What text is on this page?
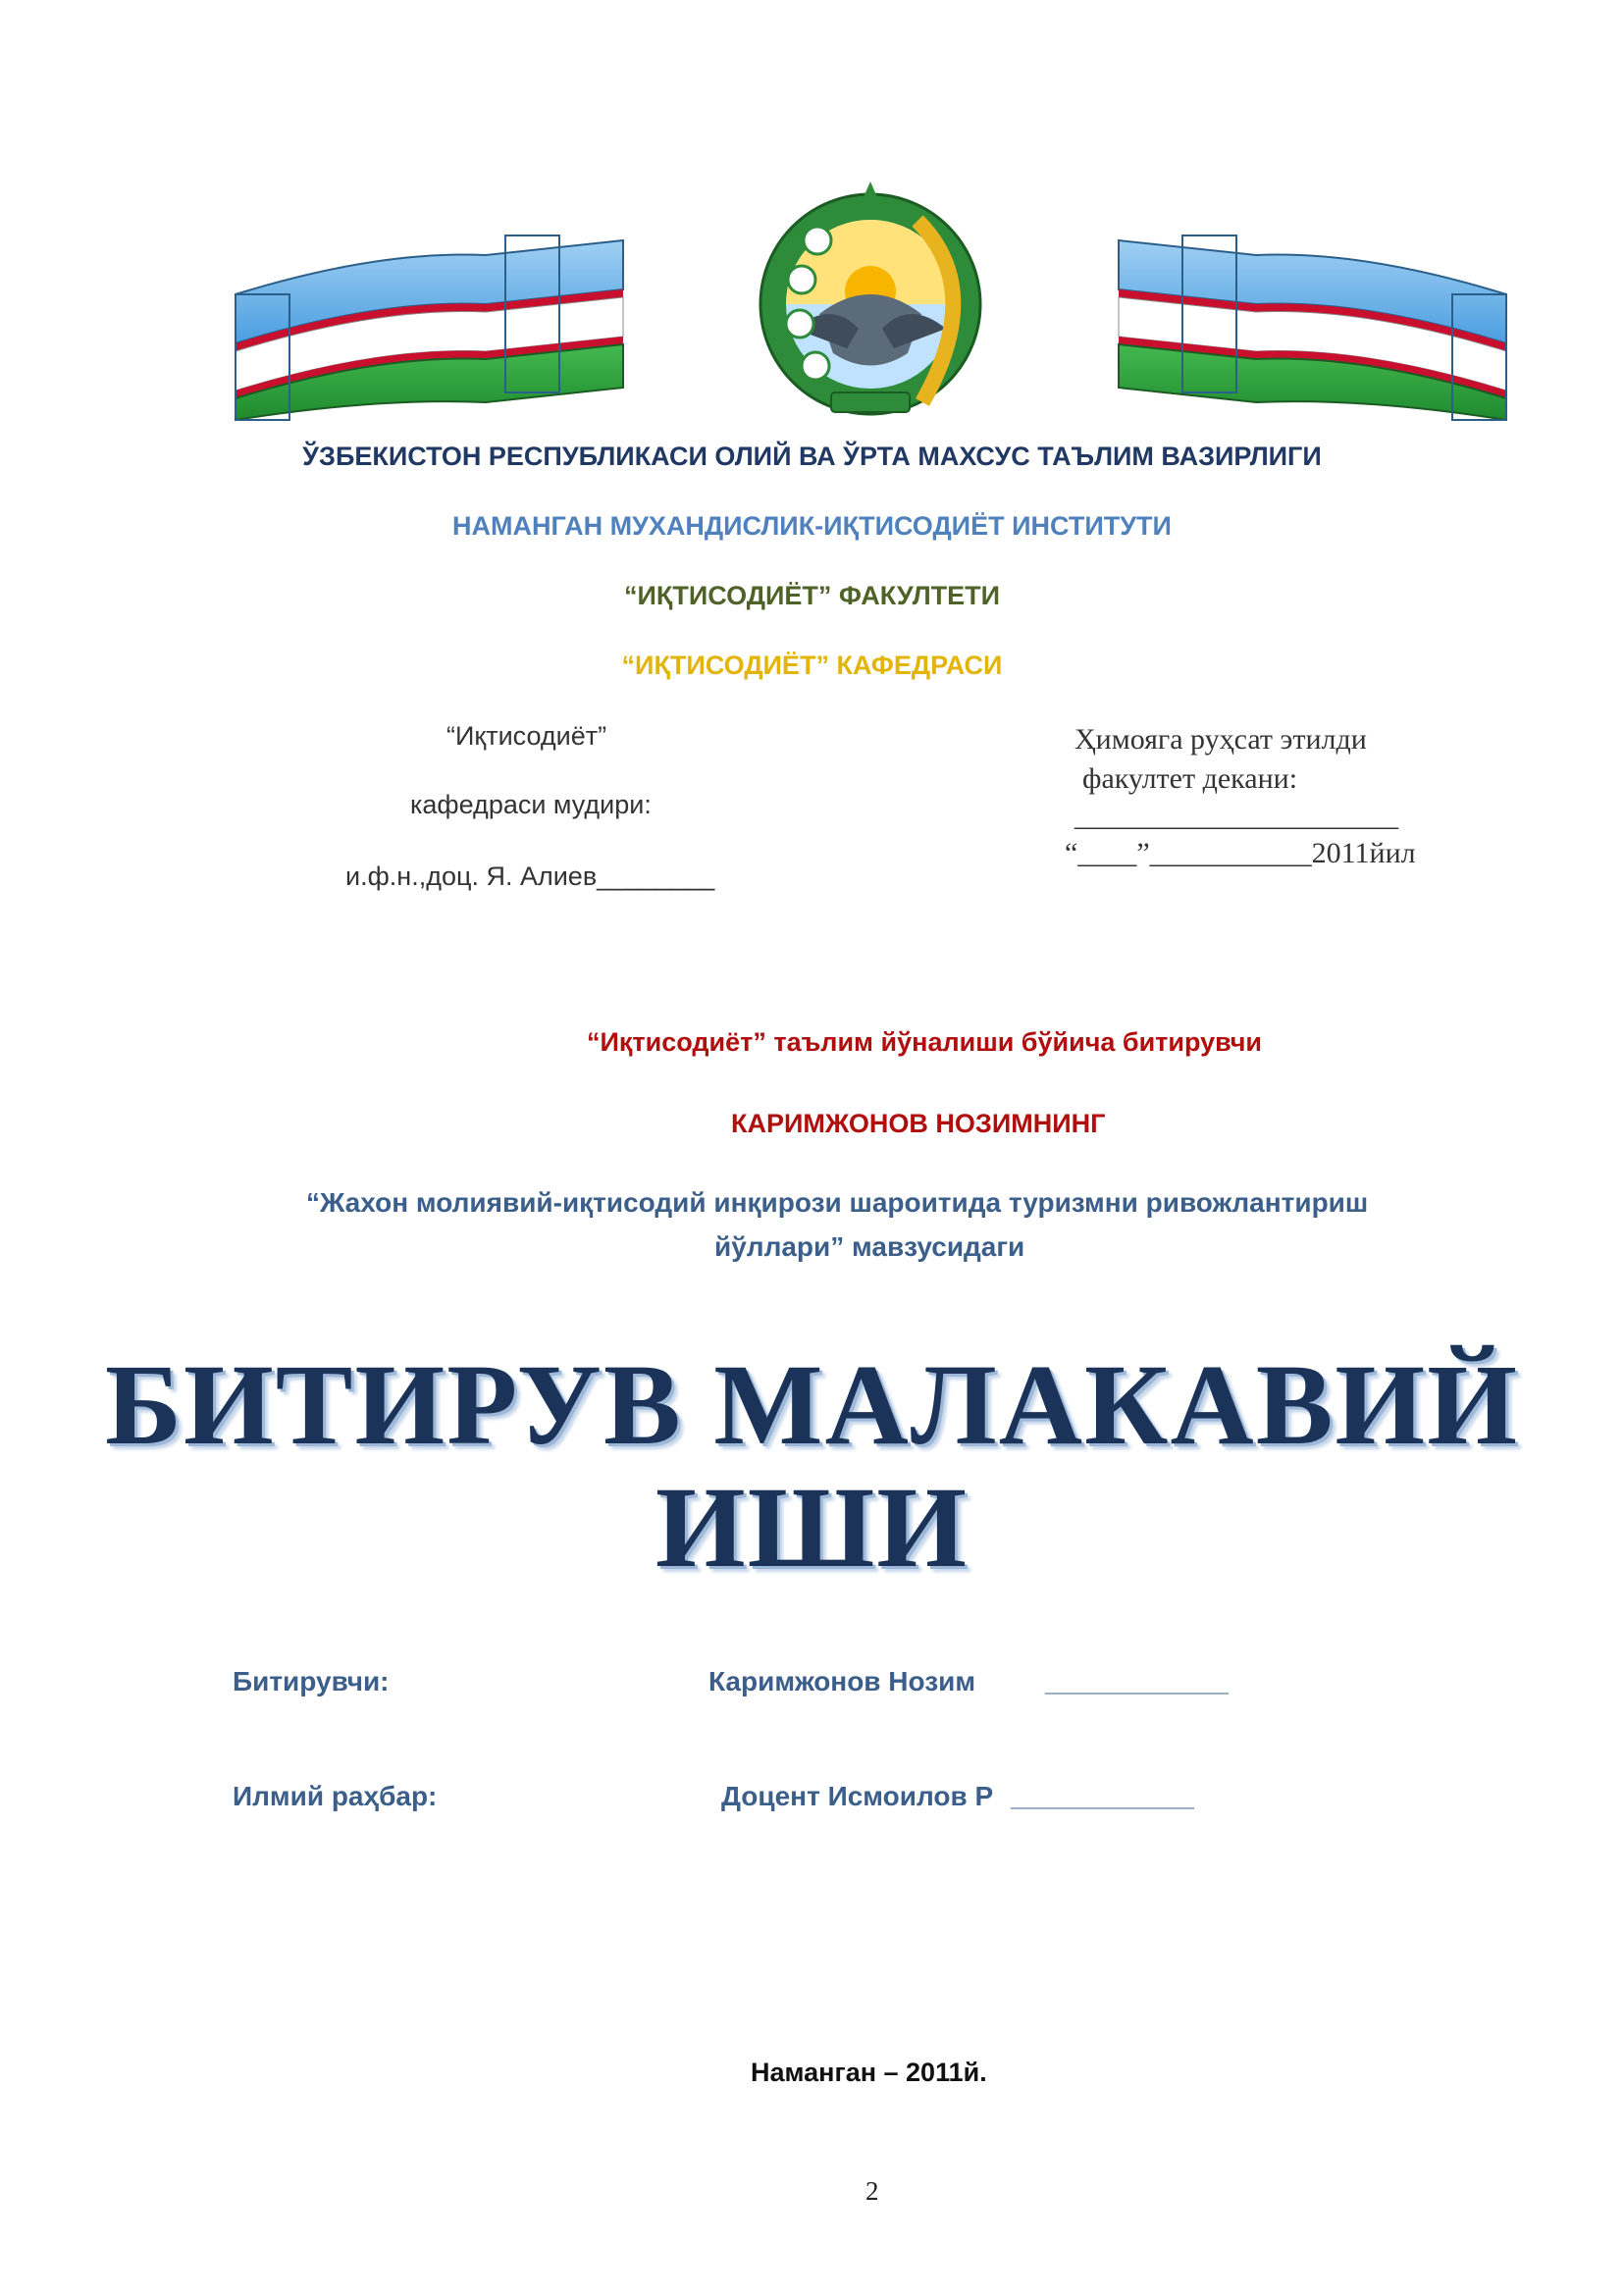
ЎЗБЕКИСТОН РЕСПУБЛИКАСИ ОЛИЙ ВА ЎРТА МАХСУС ТАЪЛИМ ВАЗИРЛИГИ
НАМАНГАН МУХАНДИСЛИК-ИҚТИСОДИЁТ ИНСТИТУТИ
“ИҚТИСОДИЁТ” ФАКУЛТЕТИ
“ИҚТИСОДИЁТ” КАФЕДРАСИ
“Иқтисодиёт”
кафедраси мудири:
и.ф.н.,доц. Я. Алиев________
Ҳимояга руҳсат этилди
факултет декани:
______________________
“____”___________2011йил
“Иқтисодиёт” таълим йўналиши бўйича битирувчи
КАРИМЖОНОВ НОЗИМНИНГ
“Жахон молиявий-иқтисодий инқирози шароитида туризмни ривожлантириш
йўллари” мавзусидаги
БИТИРУВ МАЛАКАВИЙ
ИШИ
Битирувчи:	Каримжонов Нозим	____________
Илмий раҳбар:	Доцент Исмоилов Р ____________
Наманган – 2011й.
2
